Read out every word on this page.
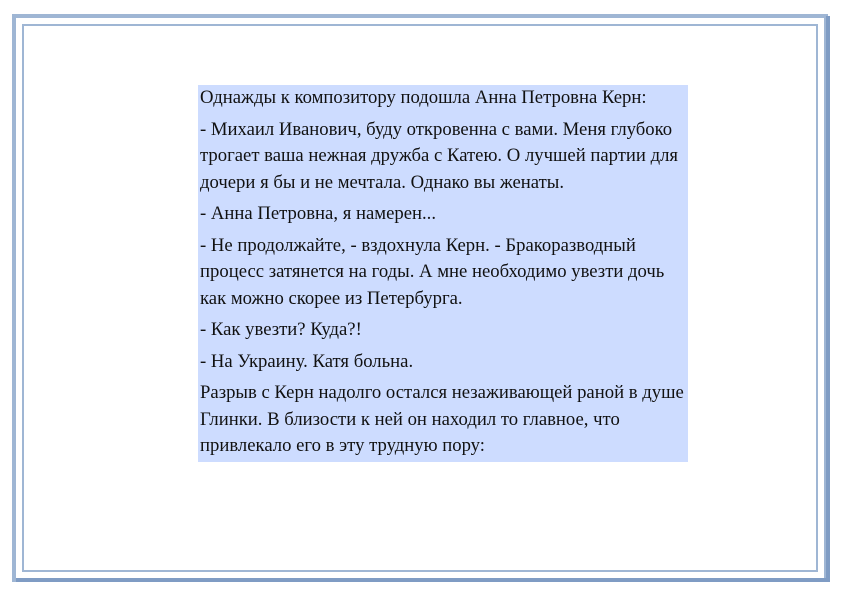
Однажды к композитору подошла Анна Петровна Керн:

- Михаил Иванович, буду откровенна с вами. Меня глубоко трогает ваша нежная дружба с Катею. О лучшей партии для дочери я бы и не мечтала. Однако вы женаты.

- Анна Петровна, я намерен...

- Не продолжайте, - вздохнула Керн. - Бракоразводный процесс затянется на годы. А мне необходимо увезти дочь как можно скорее из Петербурга.

- Как увезти? Куда?!

- На Украину. Катя больна.

Разрыв с Керн надолго остался незаживающей раной в душе Глинки. В близости к ней он находил то главное, что привлекало его в эту трудную пору:
